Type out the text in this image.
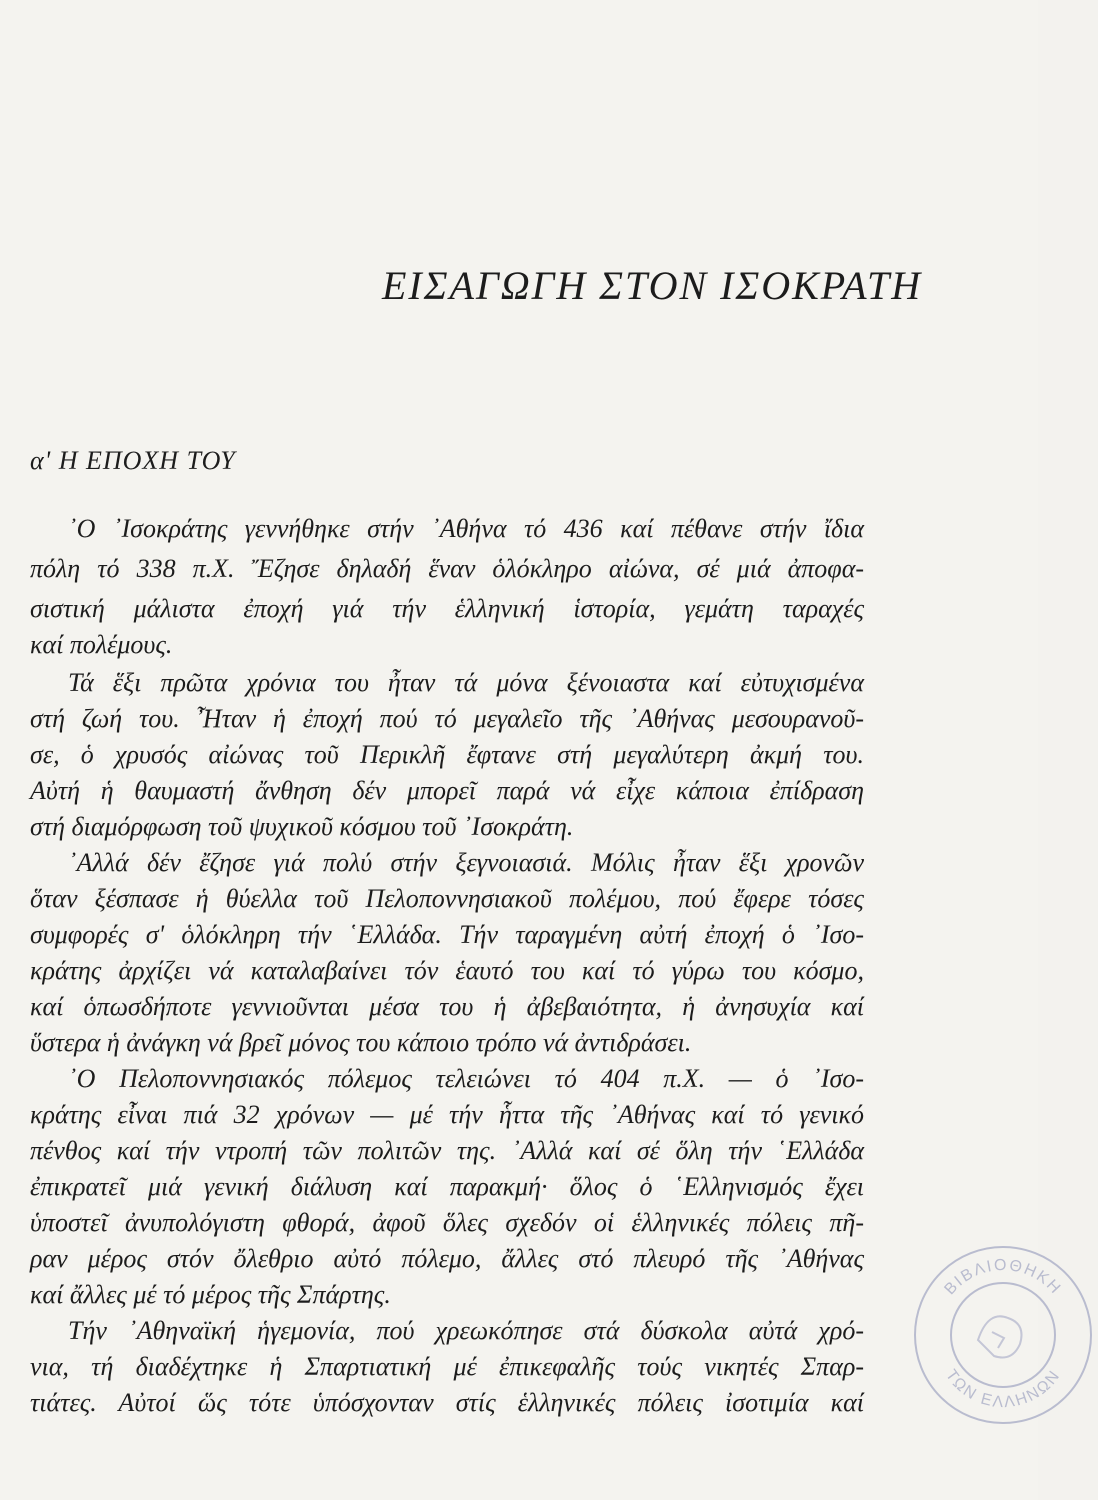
ΕΙΣΑΓΩΓΗ ΣΤΟΝ ΙΣΟΚΡΑΤΗ
α' Η ΕΠΟΧΗ ΤΟΥ
᾿Ο ᾿Ισοκράτης γεννήθηκε στήν ᾿Αθήνα τό 436 καί πέθανε στήν ἴδια
πόλη τό 338 π.Χ. Ἔζησε δηλαδή ἕναν ὁλόκληρο αἰώνα, σέ μιά ἀποφα-
σιστική μάλιστα ἐποχή γιά τήν ἑλληνική ἱστορία, γεμάτη ταραχές
καί πολέμους.
Τά ἕξι πρῶτα χρόνια του ἦταν τά μόνα ξένοιαστα καί εὐτυχισμένα
στή ζωή του. Ἦταν ἡ ἐποχή πού τό μεγαλεῖο τῆς ᾿Αθήνας μεσουρανοῦ-
σε, ὁ χρυσός αἰώνας τοῦ Περικλῆ ἔφτανε στή μεγαλύτερη ἀκμή του.
Αὐτή ἡ θαυμαστή ἄνθηση δέν μπορεῖ παρά νά εἶχε κάποια ἐπίδραση
στή διαμόρφωση τοῦ ψυχικοῦ κόσμου τοῦ ᾿Ισοκράτη.
᾿Αλλά δέν ἔζησε γιά πολύ στήν ξεγνοιασιά. Μόλις ἦταν ἕξι χρονῶν
ὅταν ξέσπασε ἡ θύελλα τοῦ Πελοποννησιακοῦ πολέμου, πού ἔφερε τόσες
συμφορές σ' ὁλόκληρη τήν ῾Ελλάδα. Τήν ταραγμένη αὐτή ἐποχή ὁ ᾿Ισο-
κράτης ἀρχίζει νά καταλαβαίνει τόν ἑαυτό του καί τό γύρω του κόσμο,
καί ὁπωσδήποτε γεννιοῦνται μέσα του ἡ ἀβεβαιότητα, ἡ ἀνησυχία καί
ὕστερα ἡ ἀνάγκη νά βρεῖ μόνος του κάποιο τρόπο νά ἀντιδράσει.
᾿Ο Πελοποννησιακός πόλεμος τελειώνει τό 404 π.Χ. — ὁ ᾿Ισο-
κράτης εἶναι πιά 32 χρόνων — μέ τήν ἧττα τῆς ᾿Αθήνας καί τό γενικό
πένθος καί τήν ντροπή τῶν πολιτῶν της. ᾿Αλλά καί σέ ὅλη τήν ῾Ελλάδα
ἐπικρατεῖ μιά γενική διάλυση καί παρακμή· ὅλος ὁ ῾Ελληνισμός ἔχει
ὑποστεῖ ἀνυπολόγιστη φθορά, ἀφοῦ ὅλες σχεδόν οἱ ἑλληνικές πόλεις πῆ-
ραν μέρος στόν ὄλεθριο αὐτό πόλεμο, ἄλλες στό πλευρό τῆς ᾿Αθήνας
καί ἄλλες μέ τό μέρος τῆς Σπάρτης.
Τήν ᾿Αθηναϊκή ἡγεμονία, πού χρεωκόπησε στά δύσκολα αὐτά χρό-
νια, τή διαδέχτηκε ἡ Σπαρτιατική μέ ἐπικεφαλῆς τούς νικητές Σπαρ-
τιάτες. Αὐτοί ὥς τότε ὑπόσχονταν στίς ἑλληνικές πόλεις ἰσοτιμία καί
ΒΙΒΛΙΟΘΗΚΗ
ΤΩΝ ΕΛΛΗΝΩΝ
